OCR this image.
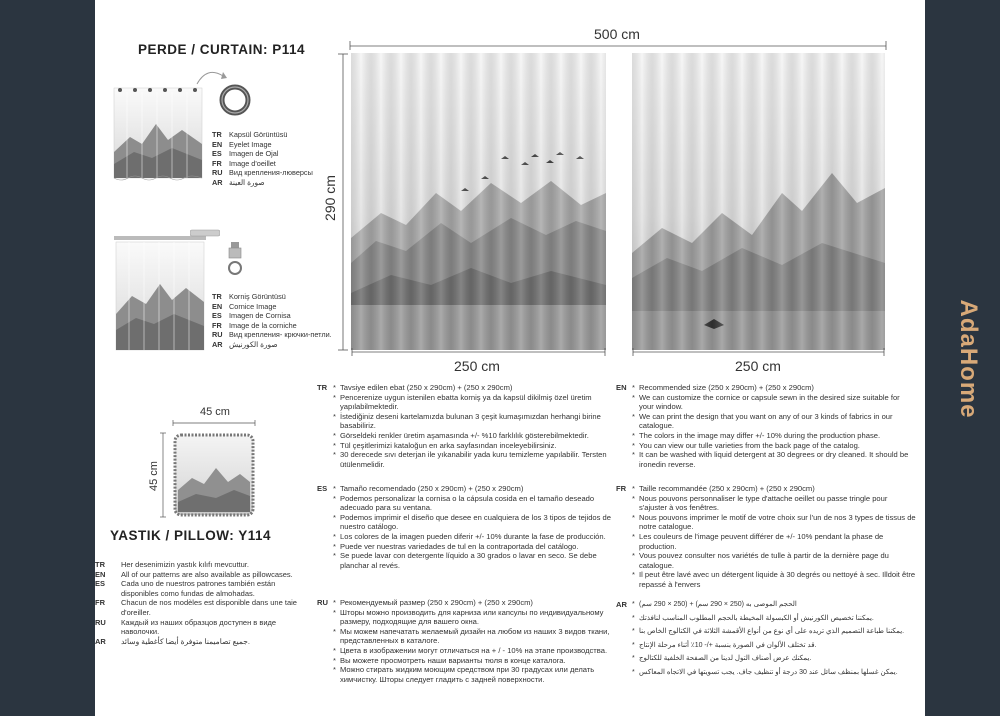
AdaHome
PERDE / CURTAIN: P114
TR Kapsül Görüntüsü
EN Eyelet Image
ES Imagen de Ojal
FR Image d'oeillet
RU Вид крепления-люверсы
AR صورة العينة
TR Korniş Görüntüsü
EN Cornice Image
ES Imagen de Cornisa
FR Image de la corniche
RU Вид крепления- крючки-петли.
AR صورة الكورنيش
500 cm
290 cm
250 cm	250 cm
45 cm
45 cm
YASTIK / PILLOW: Y114
TR Her desenimizin yastık kılıfı mevcuttur.
EN All of our patterns are also available as pillowcases.
ES Cada uno de nuestros patrones también están disponibles como fundas de almohadas.
FR Chacun de nos modèles est disponible dans une taie d'oreiller.
RU Каждый из наших образцов доступен в виде наволочки.
AR جميع تصاميمنا متوفرة أيضا كأغطية وسائد.
TR	* Tavsiye edilen ebat (250 x 290cm) + (250 x 290cm)
* Pencerenize uygun istenilen ebatta korniş ya da kapsül dikilmiş özel üretim yapılabilmektedir.
* İstediğiniz deseni kartelamızda bulunan 3 çeşit kumaşımızdan herhangi birine basabiliriz.
* Görseldeki renkler üretim aşamasında +/- %10 farklılık gösterebilmektedir.
* Tül çeşitlerimizi kataloğun en arka sayfasından inceleyebilirsiniz.
* 30 derecede sıvı deterjan ile yıkanabilir yada kuru temizleme yapılabilir. Tersten ütülenmelidir.
EN	* Recommended size (250 x 290cm) + (250 x 290cm)
* We can customize the cornice or capsule sewn in the desired size suitable for your window.
* We can print the design that you want on any of our 3 kinds of fabrics in our catalogue.
* The colors in the image may differ +/- 10% during the production phase.
* You can view our tulle varieties from the back page of the catalog.
* It can be washed with liquid detergent at 30 degrees or dry cleaned. It should be ironedin reverse.
ES	* Tamaño recomendado (250 x 290cm) + (250 x 290cm)
* Podemos personalizar la cornisa o la cápsula cosida en el tamaño deseado adecuado para su ventana.
* Podemos imprimir el diseño que desee en cualquiera de los 3 tipos de tejidos de nuestro catálogo.
* Los colores de la imagen pueden diferir +/- 10% durante la fase de producción.
* Puede ver nuestras variedades de tul en la contraportada del catálogo.
* Se puede lavar con detergente líquido a 30 grados o lavar en seco. Se debe planchar al revés.
FR	* Taille recommandée (250 x 290cm) + (250 x 290cm)
* Nous pouvons personnaliser le type d'attache oeillet ou passe tringle pour s'ajuster à vos fenêtres.
* Nous pouvons imprimer le motif de votre choix sur l'un de nos 3 types de tissus de notre catalogue.
* Les couleurs de l'image peuvent différer de +/- 10% pendant la phase de production.
* Vous pouvez consulter nos variétés de tulle à partir de la dernière page du catalogue.
* Il peut être lavé avec un détergent liquide à 30 degrés ou nettoyé à sec. Illdoit être repassé à l'envers
RU	* Рекомендуемый размер (250 x 290cm) + (250 x 290cm)
* Шторы можно производить для карниза или капсулы по индивидуальному размеру, подходящие для вашего окна.
* Мы можем напечатать желаемый дизайн на любом из наших 3 видов ткани, представленных в каталоге.
* Цвета в изображении могут отличаться на + / - 10% на этапе производства.
* Вы можете просмотреть наши варианты тюля в конце каталога.
* Можно стирать жидким моющим средством при 30 градусах или делать химчистку. Шторы следует гладить с задней поверхности.
AR	* (الحجم الموصى به (250 × 290 سم) + (250 × 290 سم
* يمكننا تخصيص الكورنيش أو الكبسولة المخيطة بالحجم المطلوب المناسب لنافذتك.
* يمكننا طباعة التصميم الذي تريده على أي نوع من أنواع الأقمشة الثلاثة في الكتالوج الخاص بنا.
* قد تختلف الألوان في الصورة بنسبة +/- 10٪ أثناء مرحلة الإنتاج.
* يمكنك عرض أصناف التول لدينا من الصفحة الخلفية للكتالوج.
* يمكن غسلها بمنظف سائل عند 30 درجة أو تنظيف جاف. يجب تسويتها في الاتجاه المعاكس.
